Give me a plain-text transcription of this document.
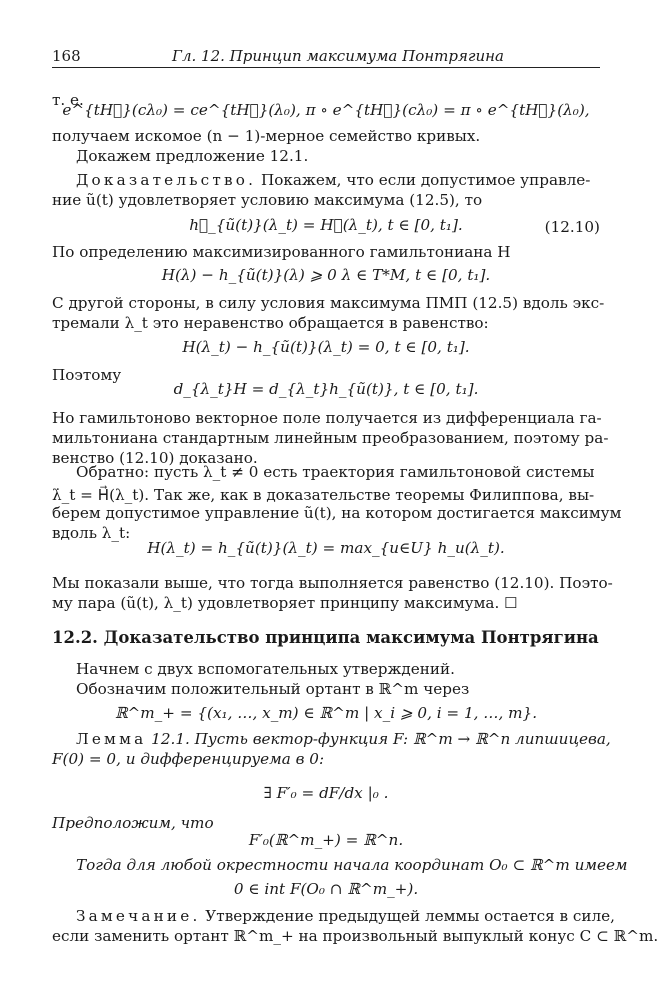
168	Гл. 12. Принцип максимума Понтрягина
т. е.
e^{tH⃗}(cλ₀) = ce^{tH⃗}(λ₀), π ∘ e^{tH⃗}(cλ₀) = π ∘ e^{tH⃗}(λ₀),
получаем искомое (n − 1)-мерное семейство кривых.
Докажем предложение 12.1.
Доказательство. Покажем, что если допустимое управле-
ние ũ(t) удовлетворяет условию максимума (12.5), то
h⃗_{ũ(t)}(λ_t) = H⃗(λ_t), t ∈ [0, t₁].	(12.10)
По определению максимизированного гамильтониана H
H(λ) − h_{ũ(t)}(λ) ⩾ 0 λ ∈ T*M, t ∈ [0, t₁].
С другой стороны, в силу условия максимума ПМП (12.5) вдоль экс-
тремали λ_t это неравенство обращается в равенство:
H(λ_t) − h_{ũ(t)}(λ_t) = 0, t ∈ [0, t₁].
Поэтому
d_{λ_t}H = d_{λ_t}h_{ũ(t)}, t ∈ [0, t₁].
Но гамильтоново векторное поле получается из дифференциала га-
мильтониана стандартным линейным преобразованием, поэтому ра-
венство (12.10) доказано.
Обратно: пусть λ_t ≠ 0 есть траектория гамильтоновой системы
λ̇_t = H⃗(λ_t). Так же, как в доказательстве теоремы Филиппова, вы-
берем допустимое управление ũ(t), на котором достигается максимум
вдоль λ_t:
H(λ_t) = h_{ũ(t)}(λ_t) = max_{u∈U} h_u(λ_t).
Мы показали выше, что тогда выполняется равенство (12.10). Поэто-
му пара (ũ(t), λ_t) удовлетворяет принципу максимума. ☐
12.2. Доказательство принципа максимума Понтрягина
Начнем с двух вспомогательных утверждений.
Обозначим положительный ортант в ℝ^m через
ℝ^m_+ = {(x₁, …, x_m) ∈ ℝ^m | x_i ⩾ 0, i = 1, …, m}.
Лемма 12.1. Пусть вектор-функция F: ℝ^m → ℝ^n липшицева,
F(0) = 0, и дифференцируема в 0:
∃ F′₀ = dF/dx |₀ .
Предположим, что
F′₀(ℝ^m_+) = ℝ^n.
Тогда для любой окрестности начала координат O₀ ⊂ ℝ^m имеем
0 ∈ int F(O₀ ∩ ℝ^m_+).
Замечание. Утверждение предыдущей леммы остается в силе,
если заменить ортант ℝ^m_+ на произвольный выпуклый конус C ⊂ ℝ^m.
